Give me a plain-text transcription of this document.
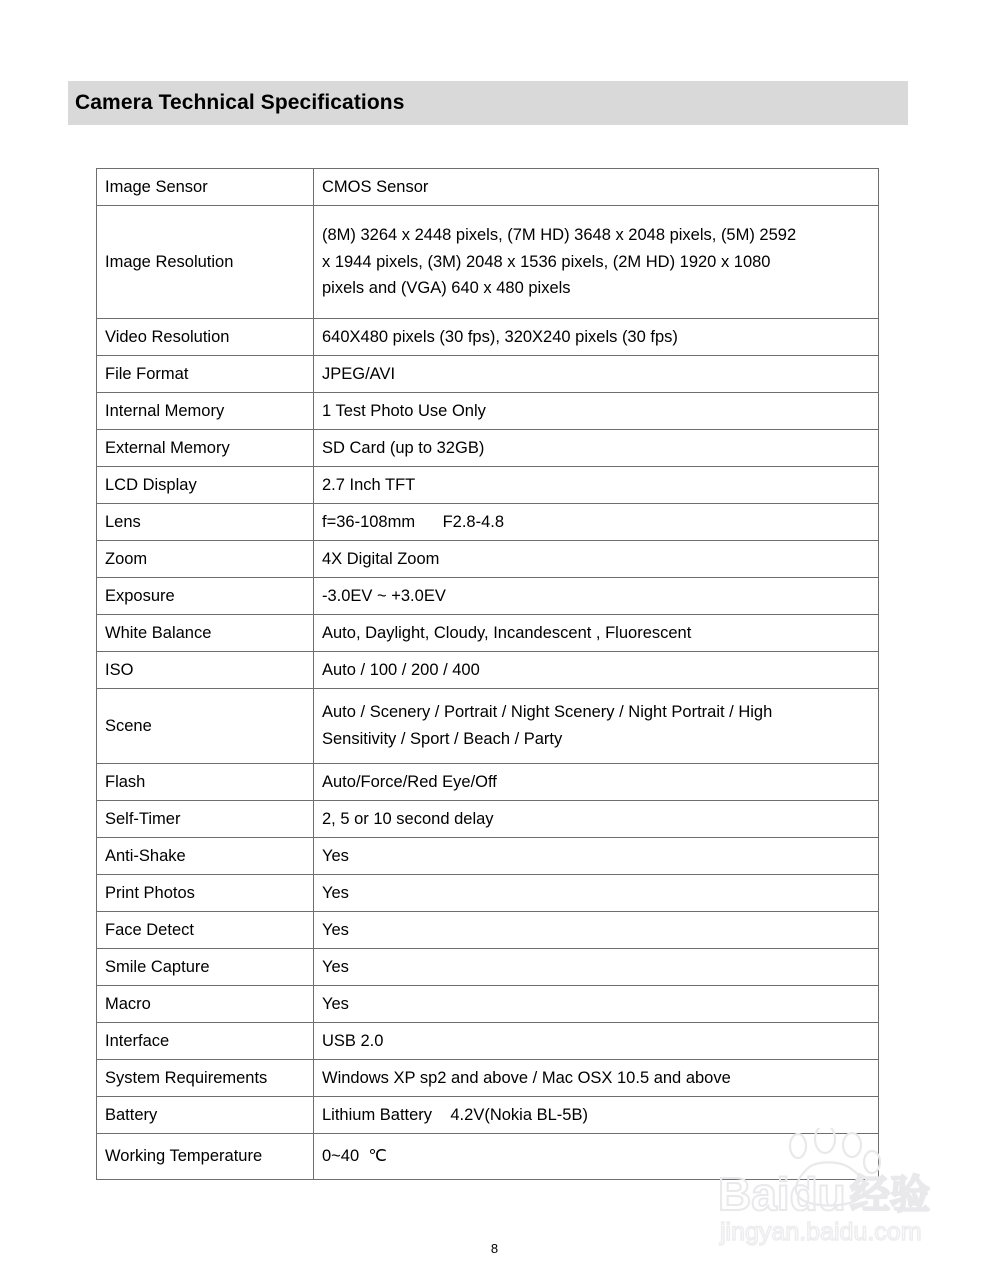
Camera Technical Specifications
Image Sensor	CMOS Sensor

Image Resolution	(8M) 3264 x 2448 pixels, (7M HD) 3648 x 2048 pixels, (5M) 2592
x 1944 pixels, (3M) 2048 x 1536 pixels, (2M HD) 1920 x 1080
pixels and (VGA) 640 x 480 pixels

Video Resolution	640X480 pixels (30 fps), 320X240 pixels (30 fps)

File Format	JPEG/AVI

Internal Memory	1 Test Photo Use Only

External Memory	SD Card (up to 32GB)

LCD Display	2.7 Inch TFT

Lens	f=36-108mm      F2.8-4.8

Zoom	4X Digital Zoom

Exposure	-3.0EV ~ +3.0EV

White Balance	Auto, Daylight, Cloudy, Incandescent , Fluorescent

ISO	Auto / 100 / 200 / 400

Scene	Auto / Scenery / Portrait / Night Scenery / Night Portrait / High
Sensitivity / Sport / Beach / Party

Flash	Auto/Force/Red Eye/Off

Self-Timer	2, 5 or 10 second delay

Anti-Shake	Yes

Print Photos	Yes

Face Detect	Yes

Smile Capture	Yes

Macro	Yes

Interface	USB 2.0

System Requirements	Windows XP sp2 and above / Mac OSX 10.5 and above

Battery	Lithium Battery    4.2V(Nokia BL-5B)

Working Temperature	0~40  ℃
Baidu 经验
jingyan.baidu.com
8
